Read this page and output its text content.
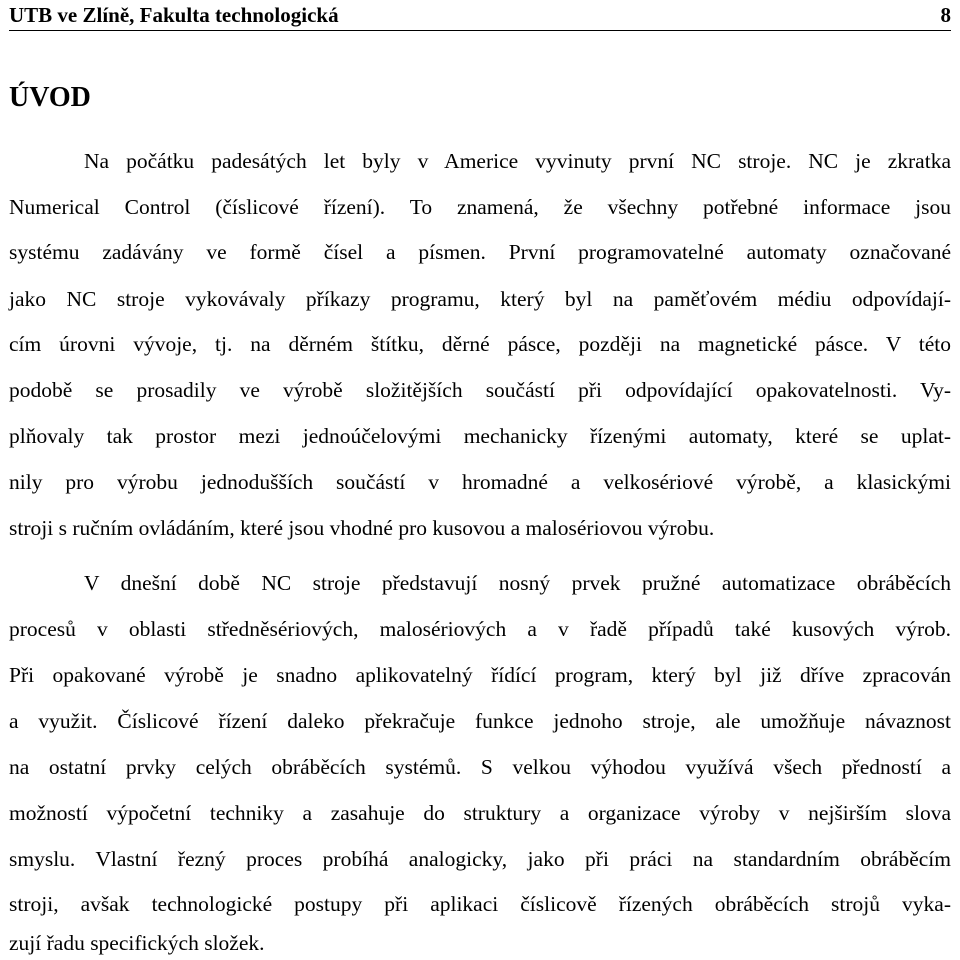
UTB ve Zlíně, Fakulta technologická	8
ÚVOD
Na počátku padesátých let byly v Americe vyvinuty první NC stroje. NC je zkratka
Numerical Control (číslicové řízení). To znamená, že všechny potřebné informace jsou
systému zadávány ve formě čísel a písmen. První programovatelné automaty označované
jako NC stroje vykovávaly příkazy programu, který byl na paměťovém médiu odpovídají-
cím úrovni vývoje, tj. na děrném štítku, děrné pásce, později na magnetické pásce. V této
podobě se prosadily ve výrobě složitějších součástí při odpovídající opakovatelnosti. Vy-
plňovaly tak prostor mezi jednoúčelovými mechanicky řízenými automaty, které se uplat-
nily pro výrobu jednodušších součástí v hromadné a velkosériové výrobě, a klasickými
stroji s ručním ovládáním, které jsou vhodné pro kusovou a malosériovou výrobu.
V dnešní době NC stroje představují nosný prvek pružné automatizace obráběcích
procesů v oblasti středněsériových, malosériových a v řadě případů také kusových výrob.
Při opakované výrobě je snadno aplikovatelný řídící program, který byl již dříve zpracován
a využit. Číslicové řízení daleko překračuje funkce jednoho stroje, ale umožňuje návaznost
na ostatní prvky celých obráběcích systémů. S velkou výhodou využívá všech předností a
možností výpočetní techniky a zasahuje do struktury a organizace výroby v nejširším slova
smyslu. Vlastní řezný proces probíhá analogicky, jako při práci na standardním obráběcím
stroji, avšak technologické postupy při aplikaci číslicově řízených obráběcích strojů vyka-
zují řadu specifických složek.
